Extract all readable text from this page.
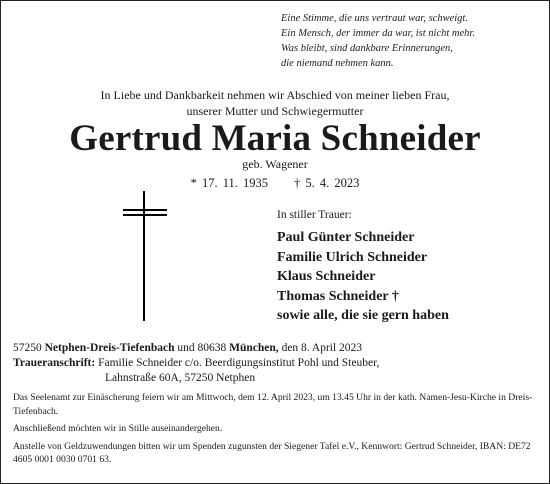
Eine Stimme, die uns vertraut war, schweigt.
Ein Mensch, der immer da war, ist nicht mehr.
Was bleibt, sind dankbare Erinnerungen,
die niemand nehmen kann.
In Liebe und Dankbarkeit nehmen wir Abschied von meiner lieben Frau,
unserer Mutter und Schwiegermutter
Gertrud Maria Schneider
geb. Wagener
* 17. 11. 1935 † 5. 4. 2023
In stiller Trauer:
Paul Günter Schneider
Familie Ulrich Schneider
Klaus Schneider
Thomas Schneider †
sowie alle, die sie gern haben
57250 Netphen-Dreis-Tiefenbach und 80638 München, den 8. April 2023
Traueranschrift: Familie Schneider c/o. Beerdigungsinstitut Pohl und Steuber,
Lahnstraße 60A, 57250 Netphen

Das Seelenamt zur Einäscherung feiern wir am Mittwoch, dem 12. April 2023, um 13.45 Uhr in der kath. Namen-Jesu-Kirche in Dreis-Tiefenbach.

Anschließend möchten wir in Stille auseinandergehen.

Anstelle von Geldzuwendungen bitten wir um Spenden zugunsten der Siegener Tafel e.V., Kennwort: Gertrud Schneider, IBAN: DE72 4605 0001 0030 0701 63.
